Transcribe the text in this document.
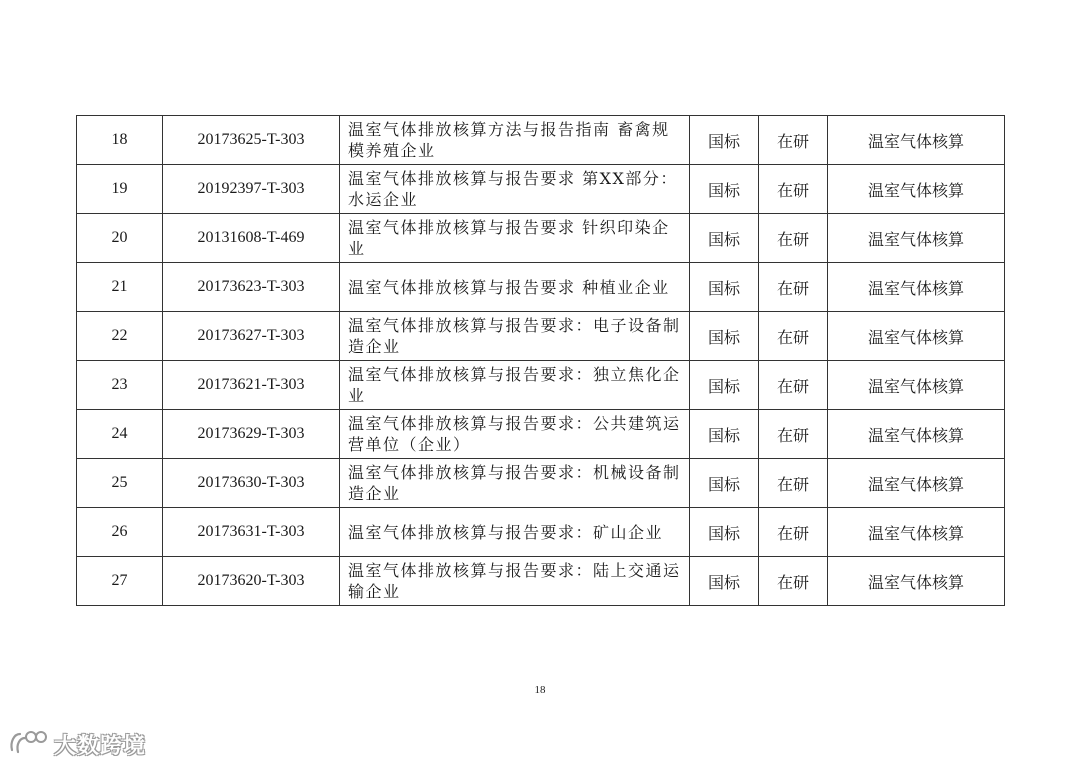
18	20173625-T-303	温室气体排放核算方法与报告指南 畜禽规模养殖企业	国标	在研	温室气体核算
19	20192397-T-303	温室气体排放核算与报告要求 第XX部分：水运企业	国标	在研	温室气体核算
20	20131608-T-469	温室气体排放核算与报告要求 针织印染企业	国标	在研	温室气体核算
21	20173623-T-303	温室气体排放核算与报告要求 种植业企业	国标	在研	温室气体核算
22	20173627-T-303	温室气体排放核算与报告要求：电子设备制造企业	国标	在研	温室气体核算
23	20173621-T-303	温室气体排放核算与报告要求：独立焦化企业	国标	在研	温室气体核算
24	20173629-T-303	温室气体排放核算与报告要求：公共建筑运营单位（企业）	国标	在研	温室气体核算
25	20173630-T-303	温室气体排放核算与报告要求：机械设备制造企业	国标	在研	温室气体核算
26	20173631-T-303	温室气体排放核算与报告要求：矿山企业	国标	在研	温室气体核算
27	20173620-T-303	温室气体排放核算与报告要求：陆上交通运输企业	国标	在研	温室气体核算
18
大数跨境
